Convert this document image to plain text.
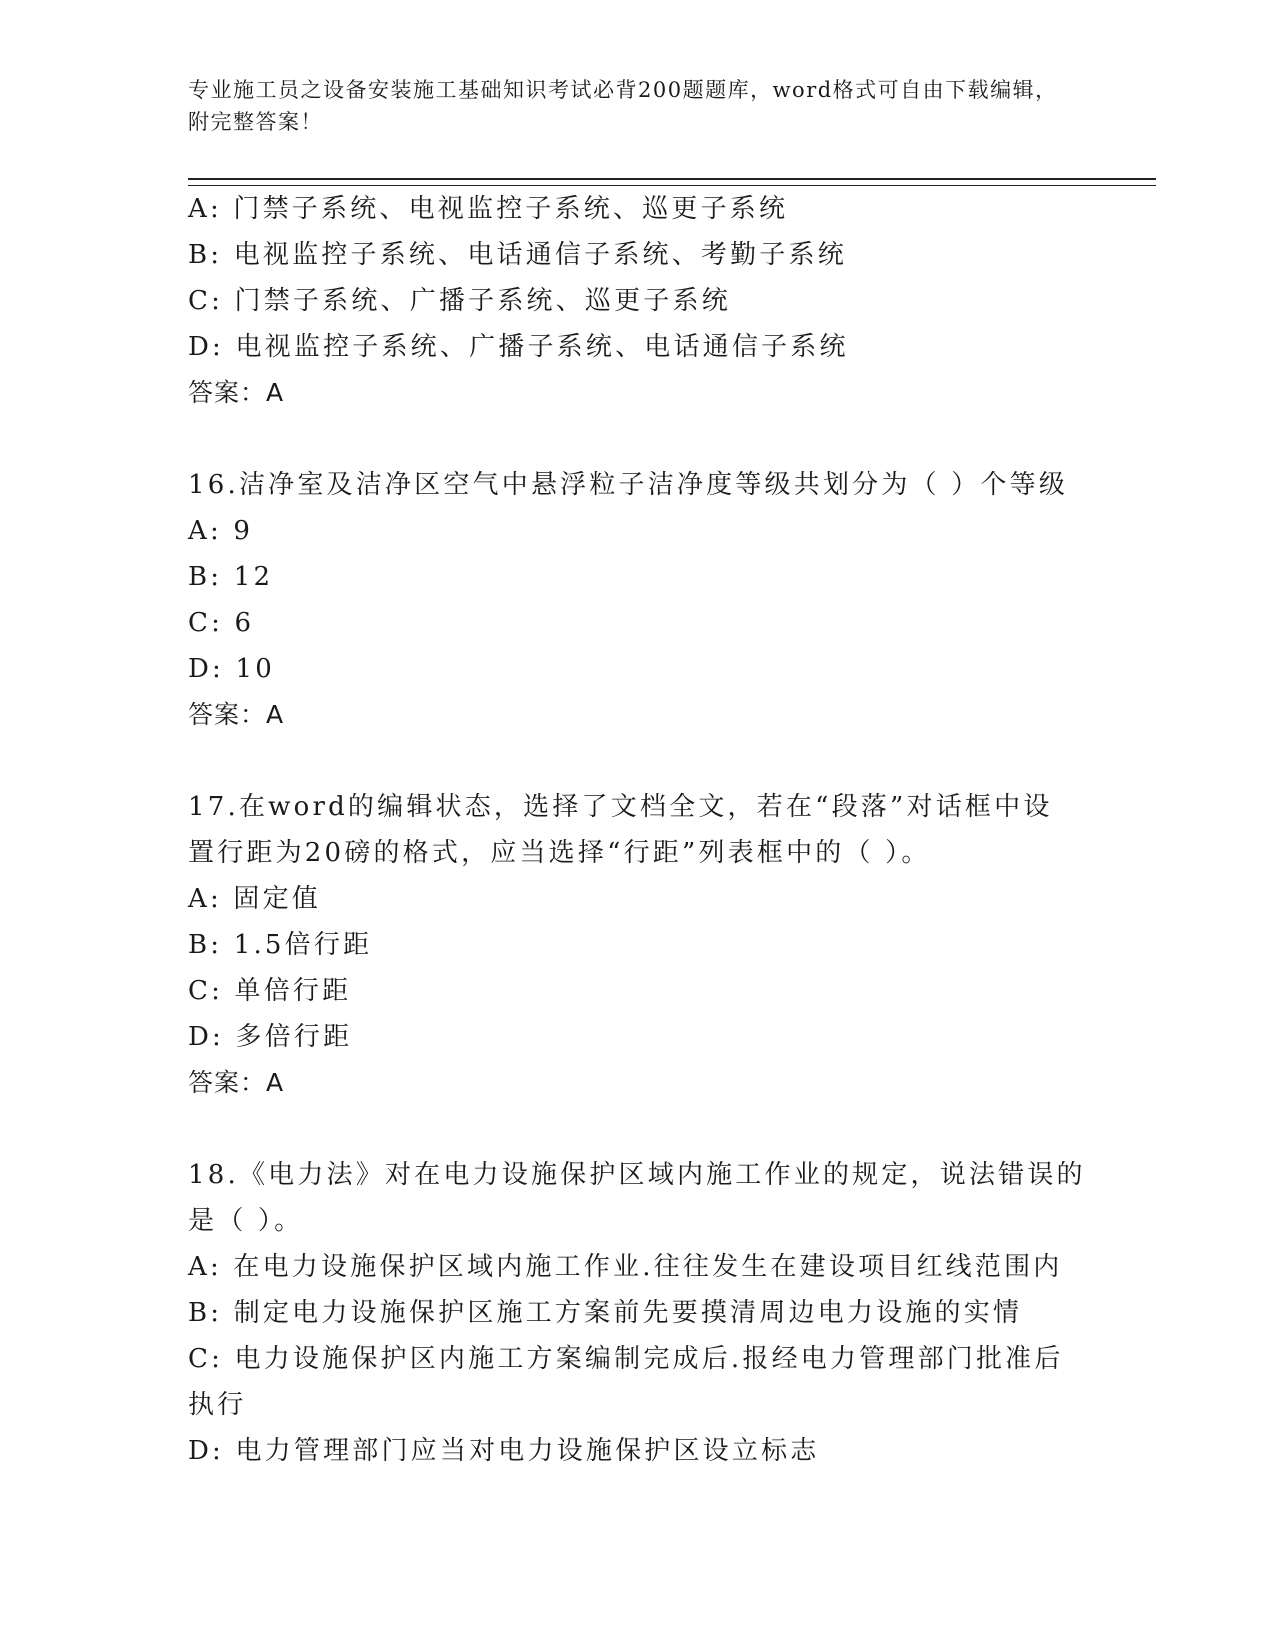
专业施工员之设备安装施工基础知识考试必背200题题库，word格式可自由下载编辑，附完整答案！
A: 门禁子系统、电视监控子系统、巡更子系统
B: 电视监控子系统、电话通信子系统、考勤子系统
C: 门禁子系统、广播子系统、巡更子系统
D: 电视监控子系统、广播子系统、电话通信子系统
答案：A
16.洁净室及洁净区空气中悬浮粒子洁净度等级共划分为（ ）个等级
A: 9
B: 12
C: 6
D: 10
答案：A
17.在word的编辑状态，选择了文档全文，若在“段落”对话框中设
置行距为20磅的格式，应当选择“行距”列表框中的（ ）。
A: 固定值
B: 1.5倍行距
C: 单倍行距
D: 多倍行距
答案：A
18.《电力法》对在电力设施保护区域内施工作业的规定，说法错误的
是（ ）。
A: 在电力设施保护区域内施工作业.往往发生在建设项目红线范围内
B: 制定电力设施保护区施工方案前先要摸清周边电力设施的实情
C: 电力设施保护区内施工方案编制完成后.报经电力管理部门批准后
执行
D: 电力管理部门应当对电力设施保护区设立标志
